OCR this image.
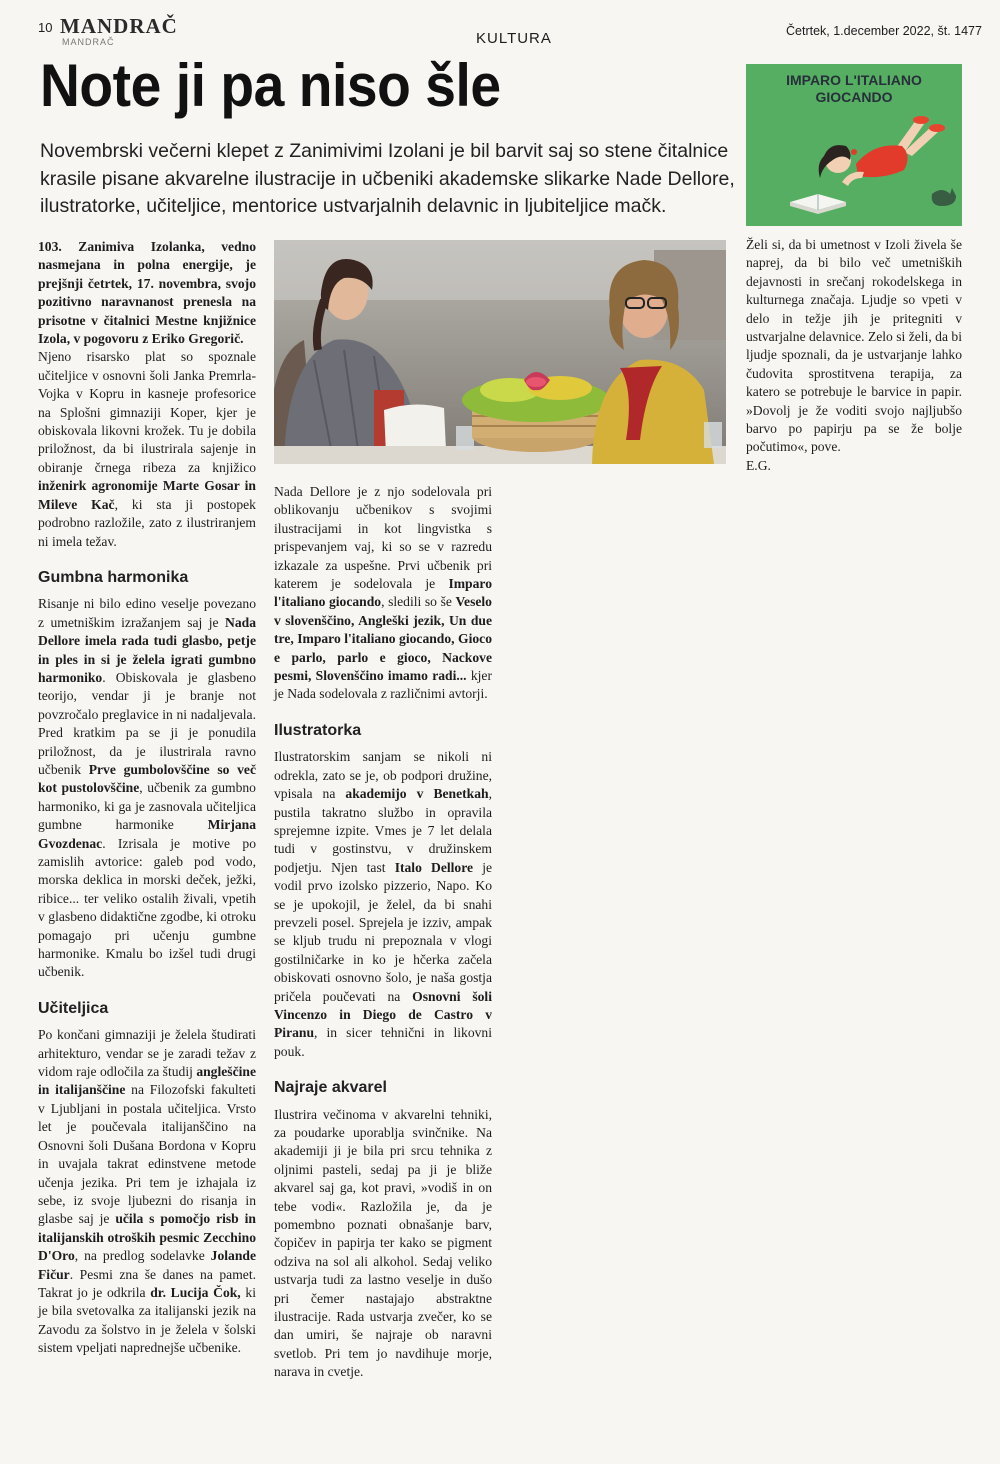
10 MANDRAČ
MANDRAČ	KULTURA	Četrtek, 1.december 2022, št. 1477
Note ji pa niso šle
Novembrski večerni klepet z Zanimivimi Izolani je bil barvit saj so stene čitalnice krasile pisane akvarelne ilustracije in učbeniki akademske slikarke Nade Dellore, ilustratorke, učiteljice, mentorice ustvarjalnih delavnic in ljubiteljice mačk.
IMPARO L'ITALIANO
GIOCANDO

103. Zanimiva Izolanka, vedno nasmejana in polna energije, je prejšnji četrtek, 17. novembra, svojo pozitivno naravnanost prenesla na prisotne v čitalnici Mestne knjižnice Izola, v pogovoru z Eriko Gregorič.

Njeno risarsko plat so spoznale učiteljice v osnovni šoli Janka Premrla- Vojka v Kopru in kasneje profesorice na Splošni gimnaziji Koper, kjer je obiskovala likovni krožek. Tu je dobila priložnost, da bi ilustrirala sajenje in obiranje črnega ribeza za knjižico inženirk agronomije Marte Gosar in Mileve Kač, ki sta ji postopek podrobno razložile, zato z ilustriranjem ni imela težav.

Gumbna harmonika

Risanje ni bilo edino veselje povezano z umetniškim izražanjem saj je Nada Dellore imela rada tudi glasbo, petje in ples in si je želela igrati gumbno harmoniko. Obiskovala je glasbeno teorijo, vendar ji je branje not povzročalo preglavice in ni nadaljevala. Pred kratkim pa se ji je ponudila priložnost, da je ilustrirala ravno učbenik Prve gumbolovščine so več kot pustolovščine, učbenik za gumbno harmoniko, ki ga je zasnovala učiteljica gumbne harmonike Mirjana Gvozdenac. Izrisala je motive po zamislih avtorice: galeb pod vodo, morska deklica in morski deček, ježki, ribice... ter veliko ostalih živali, vpetih v glasbeno didaktične zgodbe, ki otroku pomagajo pri učenju gumbne harmonike. Kmalu bo izšel tudi drugi učbenik.

Učiteljica

Po končani gimnaziji je želela študirati arhitekturo, vendar se je zaradi težav z vidom raje odločila za študij angleščine in italijanščine na Filozofski fakulteti v Ljubljani in postala učiteljica. Vrsto let je poučevala italijanščino na Osnovni šoli Dušana Bordona v Kopru in uvajala takrat edinstvene metode učenja jezika. Pri tem je izhajala iz sebe, iz svoje ljubezni do risanja in glasbe saj je učila s pomočjo risb in italijanskih otroških pesmic Zecchino D'Oro, na predlog sodelavke Jolande Fičur. Pesmi zna še danes na pamet. Takrat jo je odkrila dr. Lucija Čok, ki je bila svetovalka za italijanski jezik na Zavodu za šolstvo in je želela v šolski sistem vpeljati naprednejše učbenike.

Nada Dellore je z njo sodelovala pri oblikovanju učbenikov s svojimi ilustracijami in kot lingvistka s prispevanjem vaj, ki so se v razredu izkazale za uspešne. Prvi učbenik pri katerem je sodelovala je Imparo l'italiano giocando, sledili so še Veselo v slovenščino, Angleški jezik, Un due tre, Imparo l'italiano giocando, Gioco e parlo, parlo e gioco, Nackove pesmi, Slovenščino imamo radi... kjer je Nada sodelovala z različnimi avtorji.

Ilustratorka

Ilustratorskim sanjam se nikoli ni odrekla, zato se je, ob podpori družine, vpisala na akademijo v Benetkah, pustila takratno službo in opravila sprejemne izpite. Vmes je 7 let delala tudi v gostinstvu, v družinskem podjetju. Njen tast Italo Dellore je vodil prvo izolsko pizzerio, Napo. Ko se je upokojil, je želel, da bi snahi prevzeli posel. Sprejela je izziv, ampak se kljub trudu ni prepoznala v vlogi gostilničarke in ko je hčerka začela obiskovati osnovno šolo, je naša gostja pričela poučevati na Osnovni šoli Vincenzo in Diego de Castro v Piranu, in sicer tehnični in likovni pouk.

Najraje akvarel

Ilustrira večinoma v akvarelni tehniki, za poudarke uporablja svinčnike. Na akademiji ji je bila pri srcu tehnika z oljnimi pasteli, sedaj pa ji je bliže akvarel saj ga, kot pravi, »vodiš in on tebe vodi«. Razložila je, da je pomembno poznati obnašanje barv, čopičev in papirja ter kako se pigment odziva na sol ali alkohol. Sedaj veliko ustvarja tudi za lastno veselje in dušo pri čemer nastajajo abstraktne ilustracije. Rada ustvarja zvečer, ko se dan umiri, še najraje ob naravni svetlob. Pri tem jo navdihuje morje, narava in cvetje.

Želi si, da bi umetnost v Izoli živela še naprej, da bi bilo več umetniških dejavnosti in srečanj rokodelskega in kulturnega značaja. Ljudje so vpeti v delo in težje jih je pritegniti v ustvarjalne delavnice. Zelo si želi, da bi ljudje spoznali, da je ustvarjanje lahko čudovita sprostitvena terapija, za katero se potrebuje le barvice in papir. »Dovolj je že voditi svojo najljubšo barvo po papirju pa se že bolje počutimo«, pove.

E.G.
